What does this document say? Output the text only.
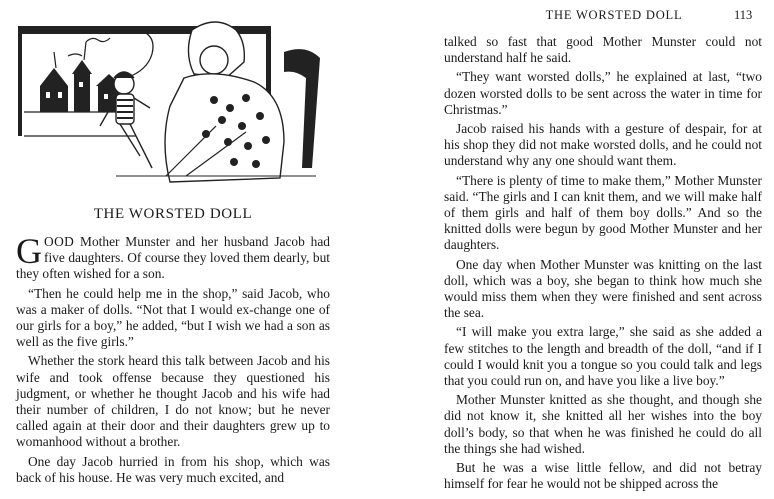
THE WORSTED DOLL

GOOD Mother Munster and her husband Jacob had five daughters. Of course they loved them dearly, but they often wished for a son.

“Then he could help me in the shop,” said Jacob, who was a maker of dolls. “Not that I would ex-change one of our girls for a boy,” he added, “but I wish we had a son as well as the five girls.”

Whether the stork heard this talk between Jacob and his wife and took offense because they questioned his judgment, or whether he thought Jacob and his wife had their number of children, I do not know; but he never called again at their door and their daughters grew up to womanhood without a brother.

One day Jacob hurried in from his shop, which was back of his house. He was very much excited, and

THE WORSTED DOLL	113

talked so fast that good Mother Munster could not understand half he said.

“They want worsted dolls,” he explained at last, “two dozen worsted dolls to be sent across the water in time for Christmas.”

Jacob raised his hands with a gesture of despair, for at his shop they did not make worsted dolls, and he could not understand why any one should want them.

“There is plenty of time to make them,” Mother Munster said. “The girls and I can knit them, and we will make half of them girls and half of them boy dolls.” And so the knitted dolls were begun by good Mother Munster and her daughters.

One day when Mother Munster was knitting on the last doll, which was a boy, she began to think how much she would miss them when they were finished and sent across the sea.

“I will make you extra large,” she said as she added a few stitches to the length and breadth of the doll, “and if I could I would knit you a tongue so you could talk and legs that you could run on, and have you like a live boy.”

Mother Munster knitted as she thought, and though she did not know it, she knitted all her wishes into the boy doll’s body, so that when he was finished he could do all the things she had wished.

But he was a wise little fellow, and did not betray himself for fear he would not be shipped across the
